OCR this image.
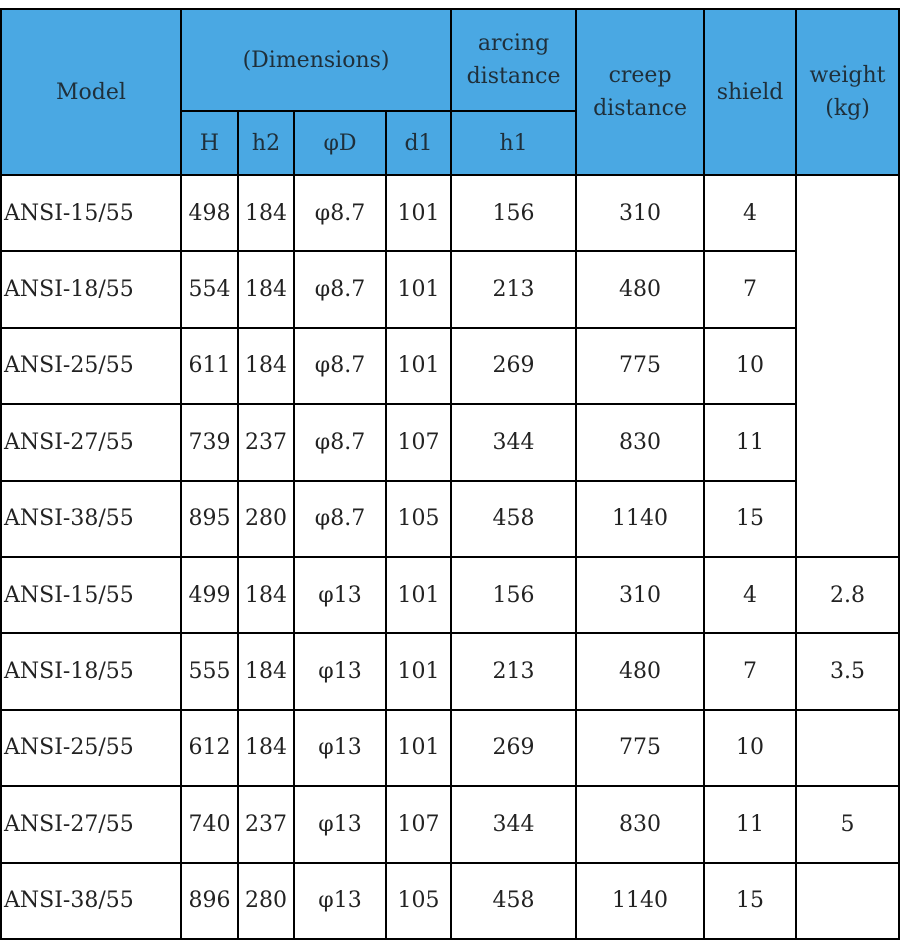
Model	(Dimensions)				arcing distance	creep distance	shield	weight (kg)
	H	h2	φD	d1	h1			
ANSI-15/55	498	184	φ8.7	101	156	310	4	
ANSI-18/55	554	184	φ8.7	101	213	480	7	
ANSI-25/55	611	184	φ8.7	101	269	775	10	
ANSI-27/55	739	237	φ8.7	107	344	830	11	
ANSI-38/55	895	280	φ8.7	105	458	1140	15	
ANSI-15/55	499	184	φ13	101	156	310	4	2.8
ANSI-18/55	555	184	φ13	101	213	480	7	3.5
ANSI-25/55	612	184	φ13	101	269	775	10	
ANSI-27/55	740	237	φ13	107	344	830	11	5
ANSI-38/55	896	280	φ13	105	458	1140	15	
